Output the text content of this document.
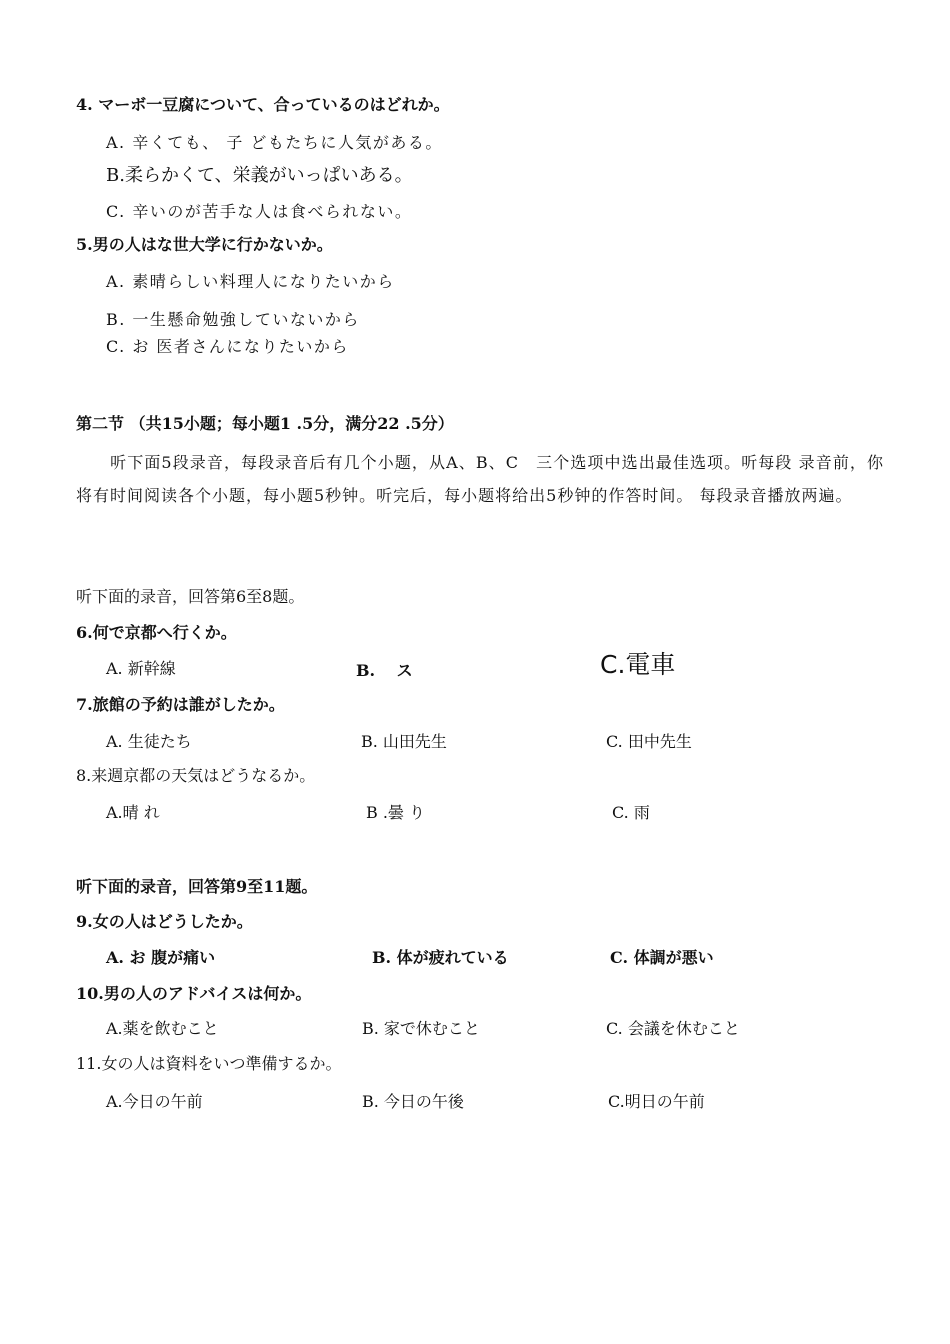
4. マーボ一豆腐について、合っているのはどれか。
A. 辛くても、 子 どもたちに人気がある。
B.柔らかくて、栄義がいっぱいある。
C. 辛いのが苦手な人は食べられない。
5.男の人はな世大学に行かないか。
A. 素晴らしい料理人になりたいから
B. 一生懸命勉強していないから
C. お 医者さんになりたいから
第二节 （共15小题；每小题1 .5分，满分22 .5分）
　　听下面5段录音，每段录音后有几个小题，从A、B、C　三个选项中选出最佳选项。听每段 录音前，你将有时间阅读各个小题，每小题5秒钟。听完后，每小题将给出5秒钟的作答时间。 每段录音播放两遍。
听下面的录音，回答第6至8题。
6.何で京都へ行くか。
A. 新幹線	B.　 ス	C.電車
7.旅館の予約は誰がしたか。
A. 生徒たち	B. 山田先生	C. 田中先生
8.来週京都の天気はどうなるか。
A.晴 れ	B .曇 り	C. 雨
听下面的录音，回答第9至11题。
9.女の人はどうしたか。
A. お 腹が痛い	B. 体が疲れている	C. 体調が悪い
10.男の人のアドバイスは何か。
A.薬を飲むこと	B. 家で休むこと	C. 会議を休むこと
11.女の人は資料をいつ準備するか。
A.今日の午前	B. 今日の午後	C.明日の午前
